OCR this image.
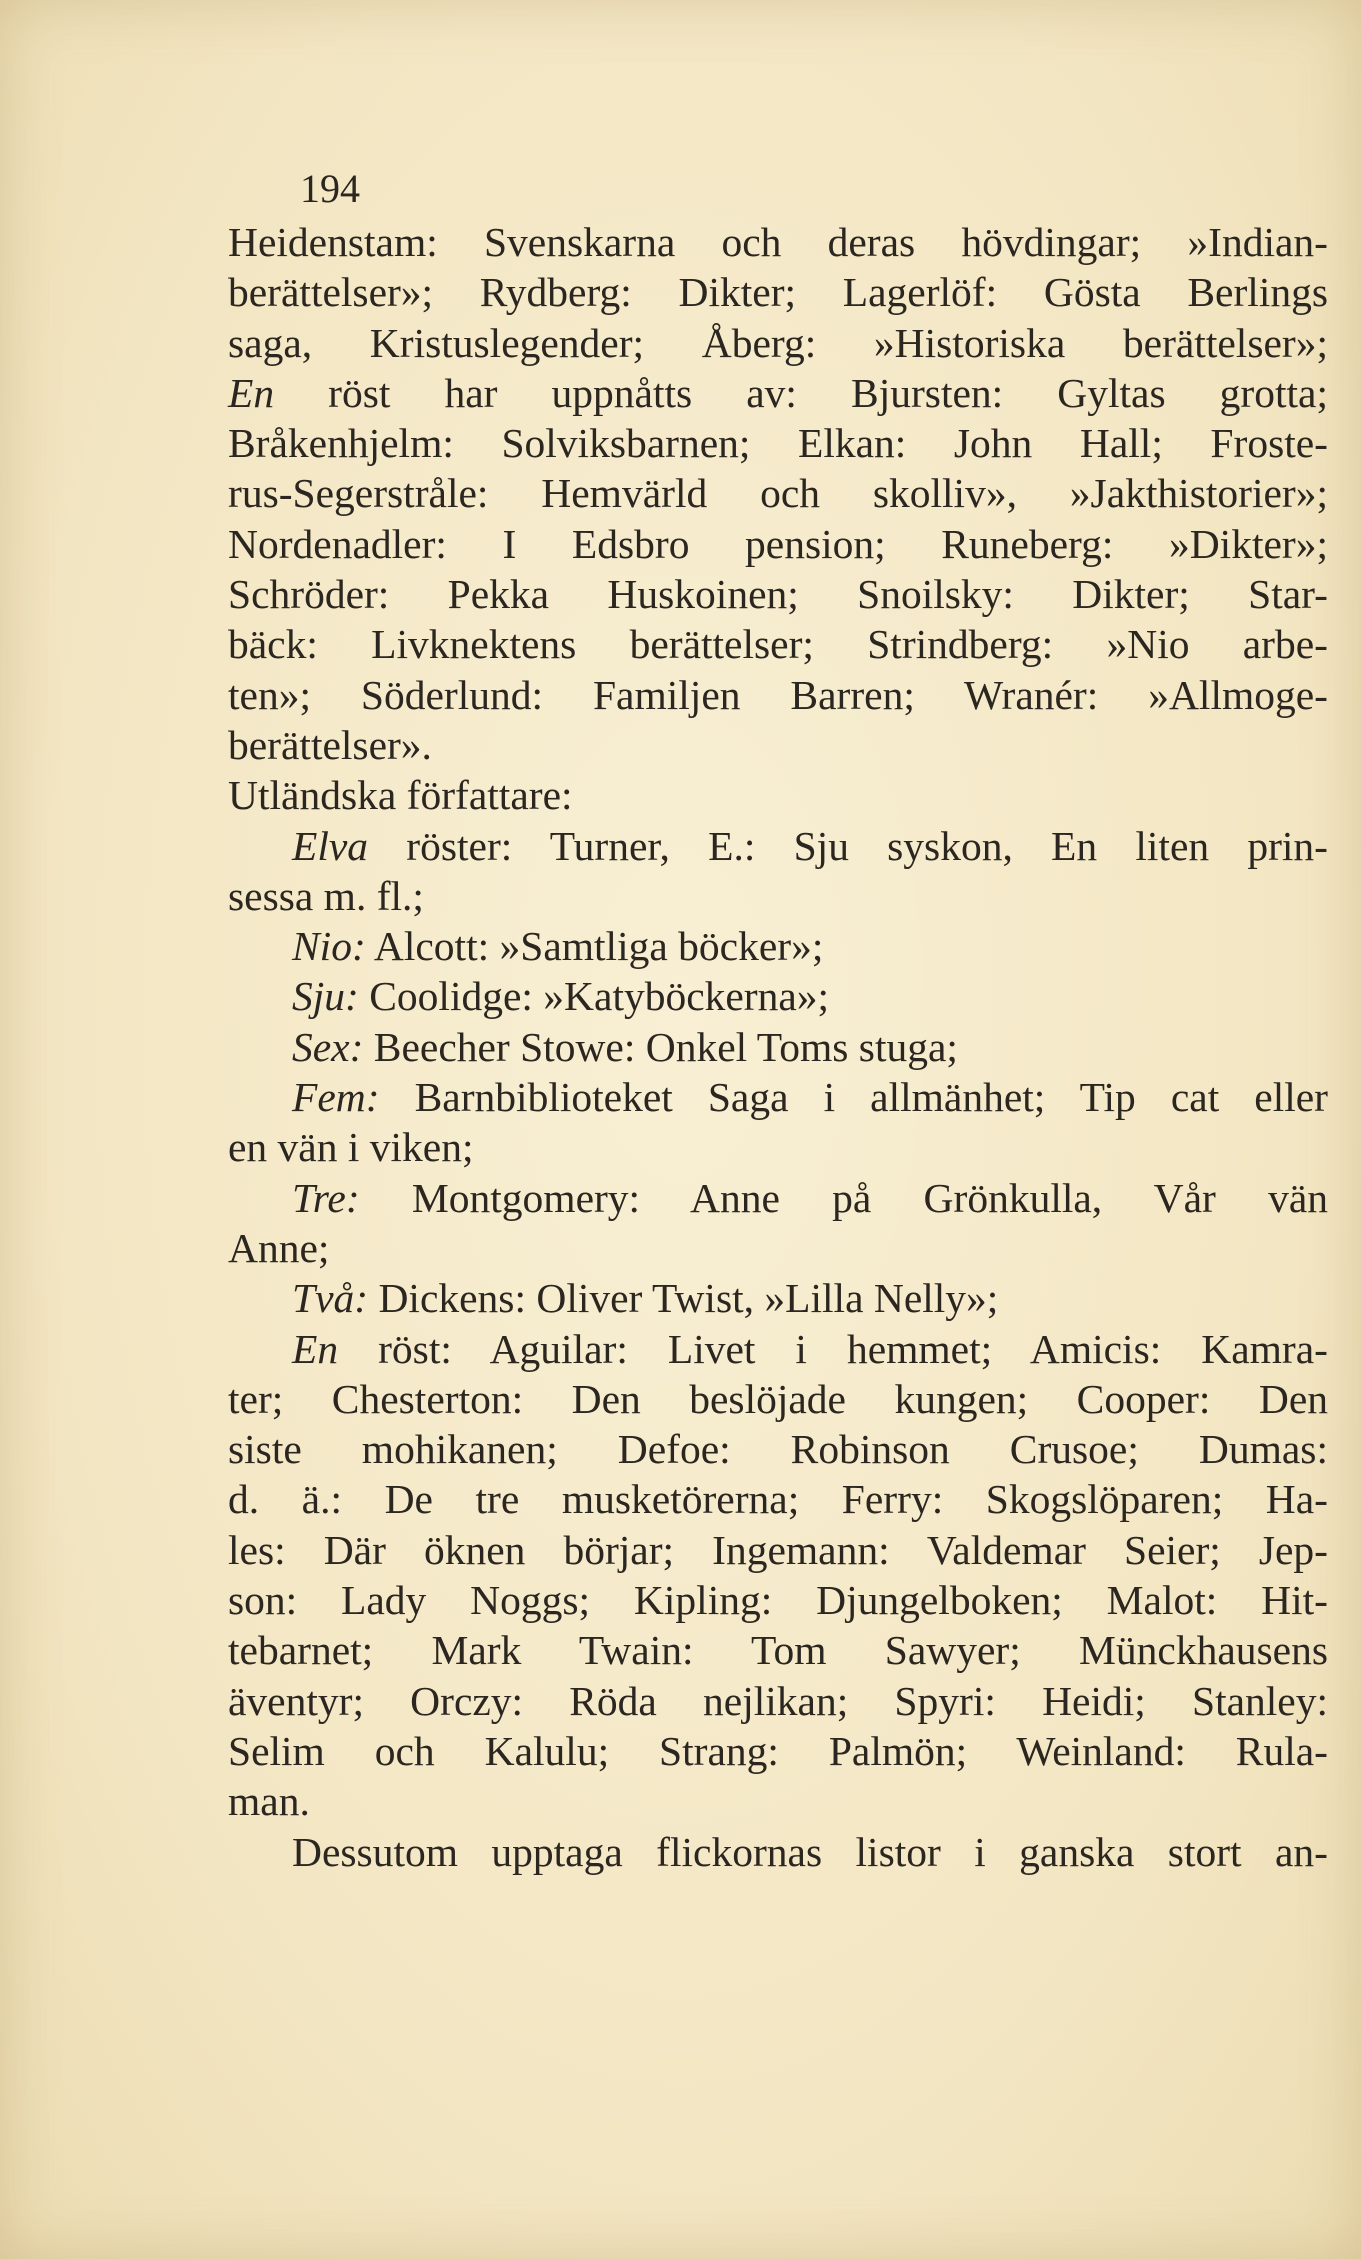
194
Heidenstam: Svenskarna och deras hövdingar; »Indian-
berättelser»; Rydberg: Dikter; Lagerlöf: Gösta Berlings
saga, Kristuslegender; Åberg: »Historiska berättelser»;
En röst har uppnåtts av: Bjursten: Gyltas grotta;
Bråkenhjelm: Solviksbarnen; Elkan: John Hall; Froste-
rus-Segerstråle: Hemvärld och skolliv», »Jakthistorier»;
Nordenadler: I Edsbro pension; Runeberg: »Dikter»;
Schröder: Pekka Huskoinen; Snoilsky: Dikter; Star-
bäck: Livknektens berättelser; Strindberg: »Nio arbe-
ten»; Söderlund: Familjen Barren; Wranér: »Allmoge-
berättelser».
Utländska författare:
Elva röster: Turner, E.: Sju syskon, En liten prin-
sessa m. fl.;
Nio: Alcott: »Samtliga böcker»;
Sju: Coolidge: »Katyböckerna»;
Sex: Beecher Stowe: Onkel Toms stuga;
Fem: Barnbiblioteket Saga i allmänhet; Tip cat eller
en vän i viken;
Tre: Montgomery: Anne på Grönkulla, Vår vän
Anne;
Två: Dickens: Oliver Twist, »Lilla Nelly»;
En röst: Aguilar: Livet i hemmet; Amicis: Kamra-
ter; Chesterton: Den beslöjade kungen; Cooper: Den
siste mohikanen; Defoe: Robinson Crusoe; Dumas:
d. ä.: De tre musketörerna; Ferry: Skogslöparen; Ha-
les: Där öknen börjar; Ingemann: Valdemar Seier; Jep-
son: Lady Noggs; Kipling: Djungelboken; Malot: Hit-
tebarnet; Mark Twain: Tom Sawyer; Münckhausens
äventyr; Orczy: Röda nejlikan; Spyri: Heidi; Stanley:
Selim och Kalulu; Strang: Palmön; Weinland: Rula-
man.
Dessutom upptaga flickornas listor i ganska stort an-
